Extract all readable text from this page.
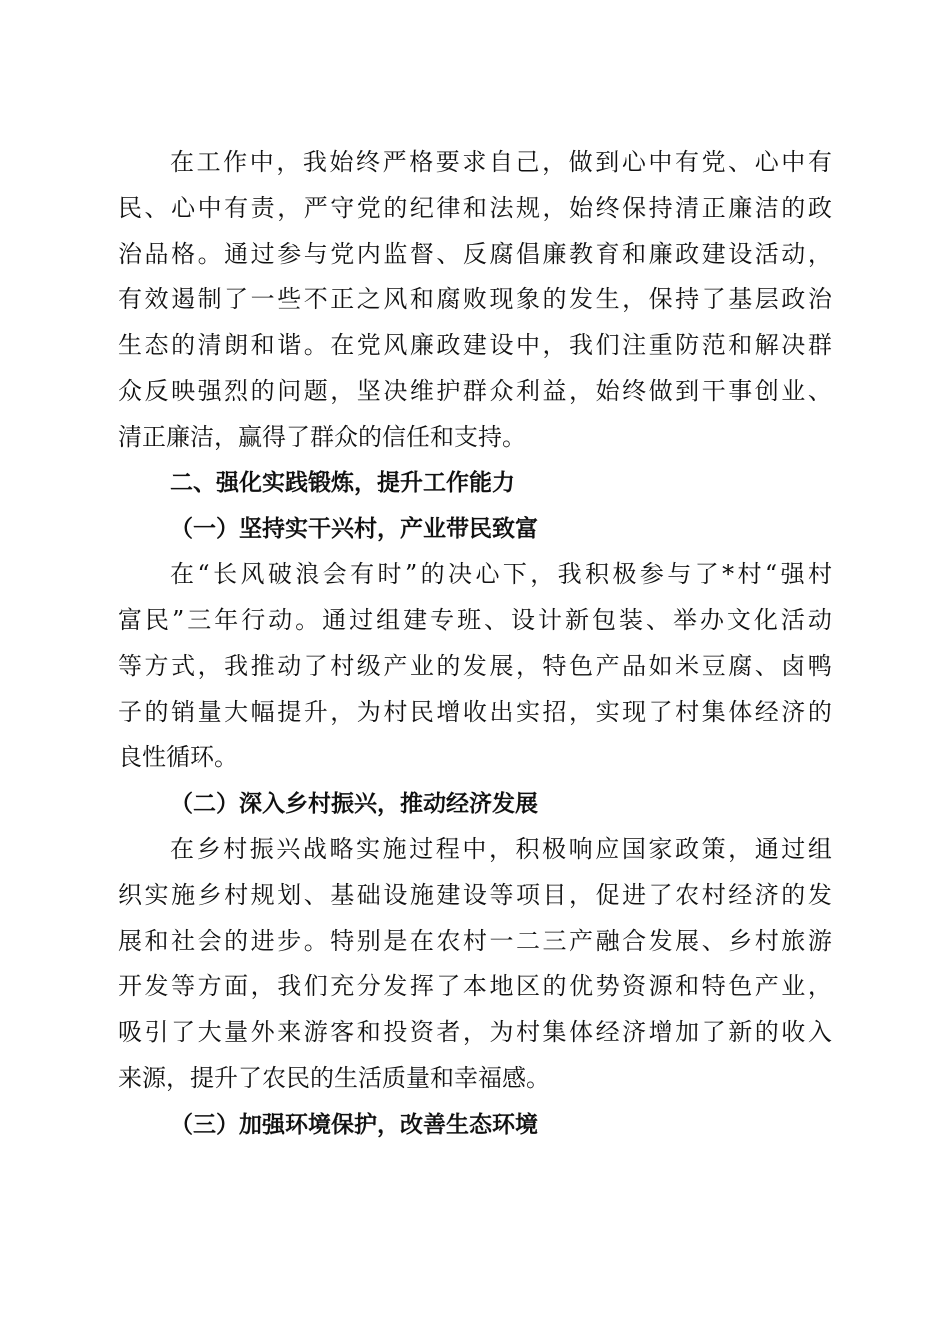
在 工 作 中 ， 我 始 终 严 格 要 求 自 己 ， 做 到 心 中 有 党 、 心 中 有
民 、 心 中 有 责 ， 严 守 党 的 纪 律 和 法 规 ， 始 终 保 持 清 正 廉 洁 的 政
治 品 格 。 通 过 参 与 党 内 监 督 、 反 腐 倡 廉 教 育 和 廉 政 建 设 活 动 ，
有 效 遏 制 了 一 些 不 正 之 风 和 腐 败 现 象 的 发 生 ， 保 持 了 基 层 政 治
生 态 的 清 朗 和 谐 。 在 党 风 廉 政 建 设 中 ， 我 们 注 重 防 范 和 解 决 群
众 反 映 强 烈 的 问 题 ， 坚 决 维 护 群 众 利 益 ， 始 终 做 到 干 事 创 业 、
清正廉洁，赢得了群众的信任和支持。
二、强化实践锻炼，提升工作能力
（一）坚持实干兴村，产业带民致富
在 “ 长 风 破 浪 会 有 时 ” 的 决 心 下 ， 我 积 极 参 与 了 * 村 “ 强 村
富 民 ” 三 年 行 动 。 通 过 组 建 专 班 、 设 计 新 包 装 、 举 办 文 化 活 动
等 方 式 ， 我 推 动 了 村 级 产 业 的 发 展 ， 特 色 产 品 如 米 豆 腐 、 卤 鸭
子 的 销 量 大 幅 提 升 ， 为 村 民 增 收 出 实 招 ， 实 现 了 村 集 体 经 济 的
良性循环。
（二）深入乡村振兴，推动经济发展
在 乡 村 振 兴 战 略 实 施 过 程 中 ， 积 极 响 应 国 家 政 策 ， 通 过 组
织 实 施 乡 村 规 划 、 基 础 设 施 建 设 等 项 目 ， 促 进 了 农 村 经 济 的 发
展 和 社 会 的 进 步 。 特 别 是 在 农 村 一 二 三 产 融 合 发 展 、 乡 村 旅 游
开 发 等 方 面 ， 我 们 充 分 发 挥 了 本 地 区 的 优 势 资 源 和 特 色 产 业 ，
吸 引 了 大 量 外 来 游 客 和 投 资 者 ， 为 村 集 体 经 济 增 加 了 新 的 收 入
来源，提升了农民的生活质量和幸福感。
（三）加强环境保护，改善生态环境
